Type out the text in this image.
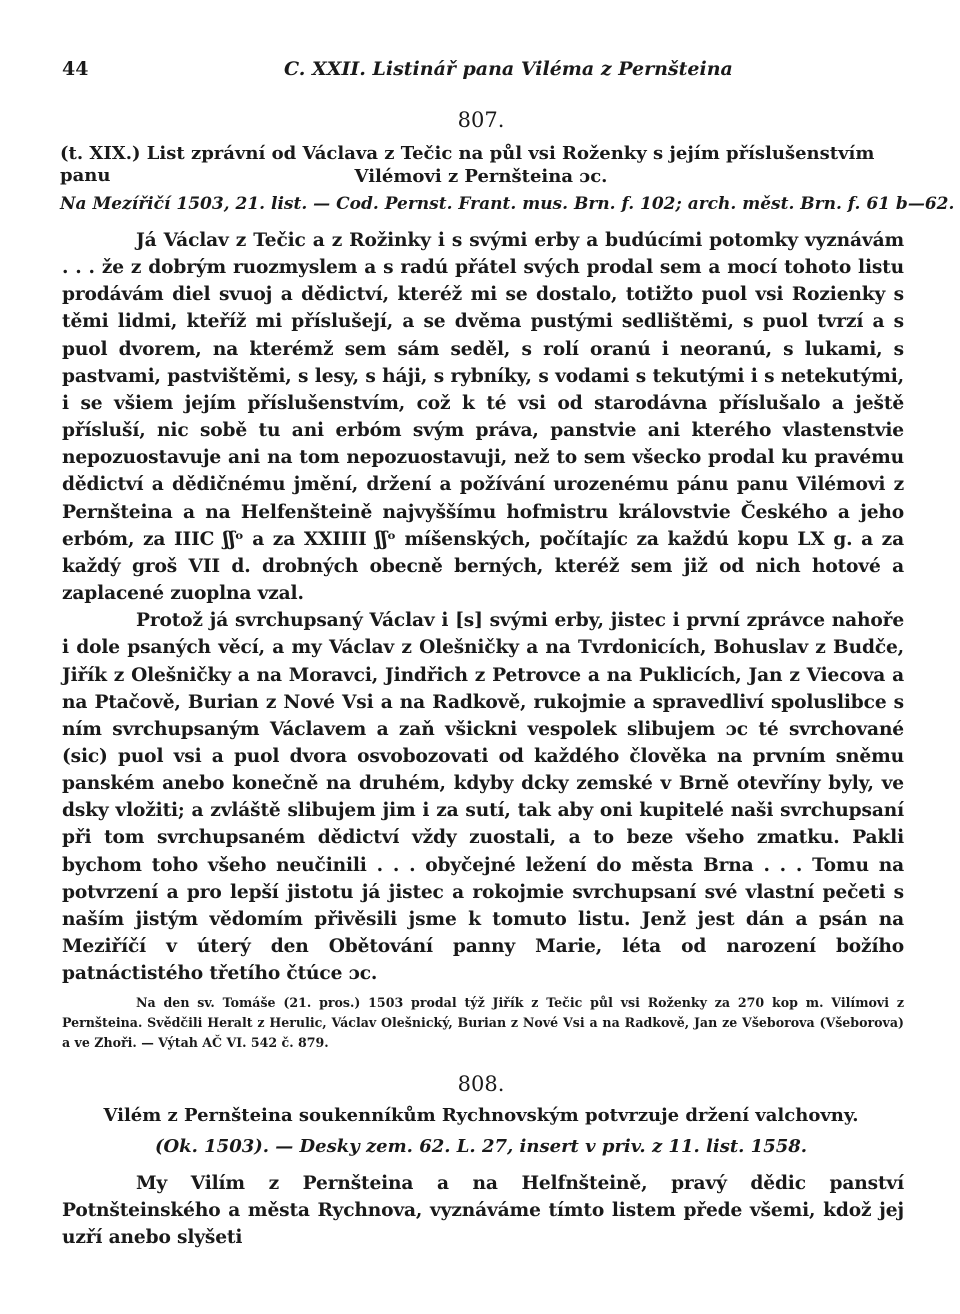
44	C. XXII. Listinář pana Viléma z Pernšteina
807.
(t. XIX.) List zprávní od Václava z Tečic na půl vsi Roženky s jejím příslušenstvím panu	Vilémovi z Pernšteina ɔc.
Na Mezířičí 1503, 21. list. — Cod. Pernst. Frant. mus. Brn. f. 102; arch. měst. Brn. f. 61 b—62.

Já Václav z Tečic a z Rožinky i s svými erby a budúcími potomky vyznávám . . . že z dobrým ruozmyslem a s radú přátel svých prodal sem a mocí tohoto listu prodávám diel svuoj a dědictví, kteréž mi se dostalo, totižto puol vsi Rozienky s těmi lidmi, kteříž mi příslušejí, a se dvěma pustými sedlištěmi, s puol tvrzí a s puol dvorem, na kterémž sem sám seděl, s rolí oranú i neoranú, s lukami, s pastvami, pastvištěmi, s lesy, s háji, s rybníky, s vodami s tekutými i s netekutými, i se všiem jejím příslušenstvím, což k té vsi od starodávna příslušalo a ještě přísluší, nic sobě tu ani erbóm svým práva, panstvie ani kterého vlastenstvie nepozuostavuje ani na tom nepozuostavuji, než to sem všecko prodal ku pravému dědictví a dědičnému jmění, držení a požívání urozenému pánu panu Vilémovi z Pernšteina a na Helfenšteině najvyššímu hofmistru královstvie Českého a jeho erbóm, za IIIC ʃʃᵒ a za XXIIII ʃʃᵒ míšenských, počítajíc za každú kopu LX g. a za každý groš VII d. drobných obecně berných, kteréž sem již od nich hotové a zaplacené zuoplna vzal.

Protož já svrchupsaný Václav i [s] svými erby, jistec i první zprávce nahoře i dole psaných věcí, a my Václav z Olešničky a na Tvrdonicích, Bohuslav z Budče, Jiřík z Olešničky a na Moravci, Jindřich z Petrovce a na Puklicích, Jan z Viecova a na Ptačově, Burian z Nové Vsi a na Radkově, rukojmie a spravedliví spoluslibce s ním svrchupsaným Václavem a zaň všickni vespolek slibujem ɔc té svrchované (sic) puol vsi a puol dvora osvobozovati od každého člověka na prvním sněmu panském anebo konečně na druhém, kdyby dcky zemské v Brně otevříny byly, ve dsky vložiti; a zvláště slibujem jim i za sutí, tak aby oni kupitelé naši svrchupsaní při tom svrchupsaném dědictví vždy zuostali, a to beze všeho zmatku. Pakli bychom toho všeho neučinili . . . obyčejné ležení do města Brna . . . Tomu na potvrzení a pro lepší jistotu já jistec a rokojmie svrchupsaní své vlastní pečeti s naším jistým vědomím přivěsili jsme k tomuto listu. Jenž jest dán a psán na Meziříčí v úterý den Obětování panny Marie, léta od narození božího patnáctistého třetího čtúce ɔc.

Na den sv. Tomáše (21. pros.) 1503 prodal týž Jiřík z Tečic půl vsi Roženky za 270 kop m. Vilímovi z Pernšteina. Svědčili Heralt z Herulic, Václav Olešnický, Burian z Nové Vsi a na Radkově, Jan ze Všeborova (Všeborova) a ve Zhoři. — Výtah AČ VI. 542 č. 879.

808.
Vilém z Pernšteina soukenníkům Rychnovským potvrzuje držení valchovny.
(Ok. 1503). — Desky zem. 62. L. 27, insert v priv. z 11. list. 1558.

My Vilím z Pernšteina a na Helfnšteině, pravý dědic panství Potnšteinského a města Rychnova, vyznáváme tímto listem přede všemi, kdož jej uzří anebo slyšeti
